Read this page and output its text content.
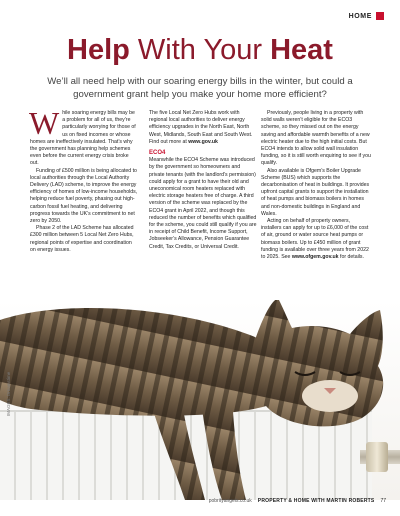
HOME
Help With Your Heat

We’ll all need help with our soaring energy bills in the winter, but could a government grant help you make your home more efficient?

While soaring energy bills may be a problem for all of us, they’re particularly worrying for those of us on fixed incomes or whose homes are ineffectively insulated. That’s why the government has planning help schemes even before the current energy crisis broke out.

Funding of £500 million is being allocated to local authorities through the Local Authority Delivery (LAD) scheme, to improve the energy efficiency of homes of low-income households, helping reduce fuel poverty, phasing out high-carbon fossil fuel heating, and delivering progress towards the UK’s commitment to net zero by 2050.

Phase 2 of the LAD Scheme has allocated £300 million between 5 Local Net Zero Hubs, regional points of expertise and coordination on energy issues.

The five Local Net Zero Hubs work with regional local authorities to deliver energy efficiency upgrades in the North East, North West, Midlands, South East and South West. Find out more at www.gov.uk

ECO4

Meanwhile the ECO4 Scheme was introduced by the government so homeowners and private tenants (with the landlord’s permission) could apply for a grant to have their old and uneconomical room heaters replaced with electric storage heaters free of charge. A third version of the scheme was replaced by the ECO4 grant in April 2022, and though this reduced the number of benefits which qualified for the scheme, you could still qualify if you are in receipt of Child Benefit, Income Support, Jobseeker’s Allowance, Pension Guarantee Credit, Tax Credits, or Universal Credit.

Previously, people living in a property with solid walls weren’t eligible for the ECO3 scheme, so they missed out on the energy saving and affordable warmth benefits of a new electric heater due to the high initial costs. But ECO4 intends to allow solid wall insulation funding, so it is still worth enquiring to see if you qualify.

Also available is Ofgem’s Boiler Upgrade Scheme (BUS) which supports the decarbonisation of heat in buildings. It provides upfront capital grants to support the installation of heat pumps and biomass boilers in homes and non-domestic buildings in England and Wales.

Acting on behalf of property owners, installers can apply for up to £6,000 of the cost of air, ground or water source heat pumps or biomass boilers. Up to £450 million of grant funding is available over three years from 2022 to 2025. See www.ofgem.gov.uk for details.

IMAGES: Dreamstime
pobrityangels.co.uk PROPERTY & HOME WITH MARTIN ROBERTS 77
